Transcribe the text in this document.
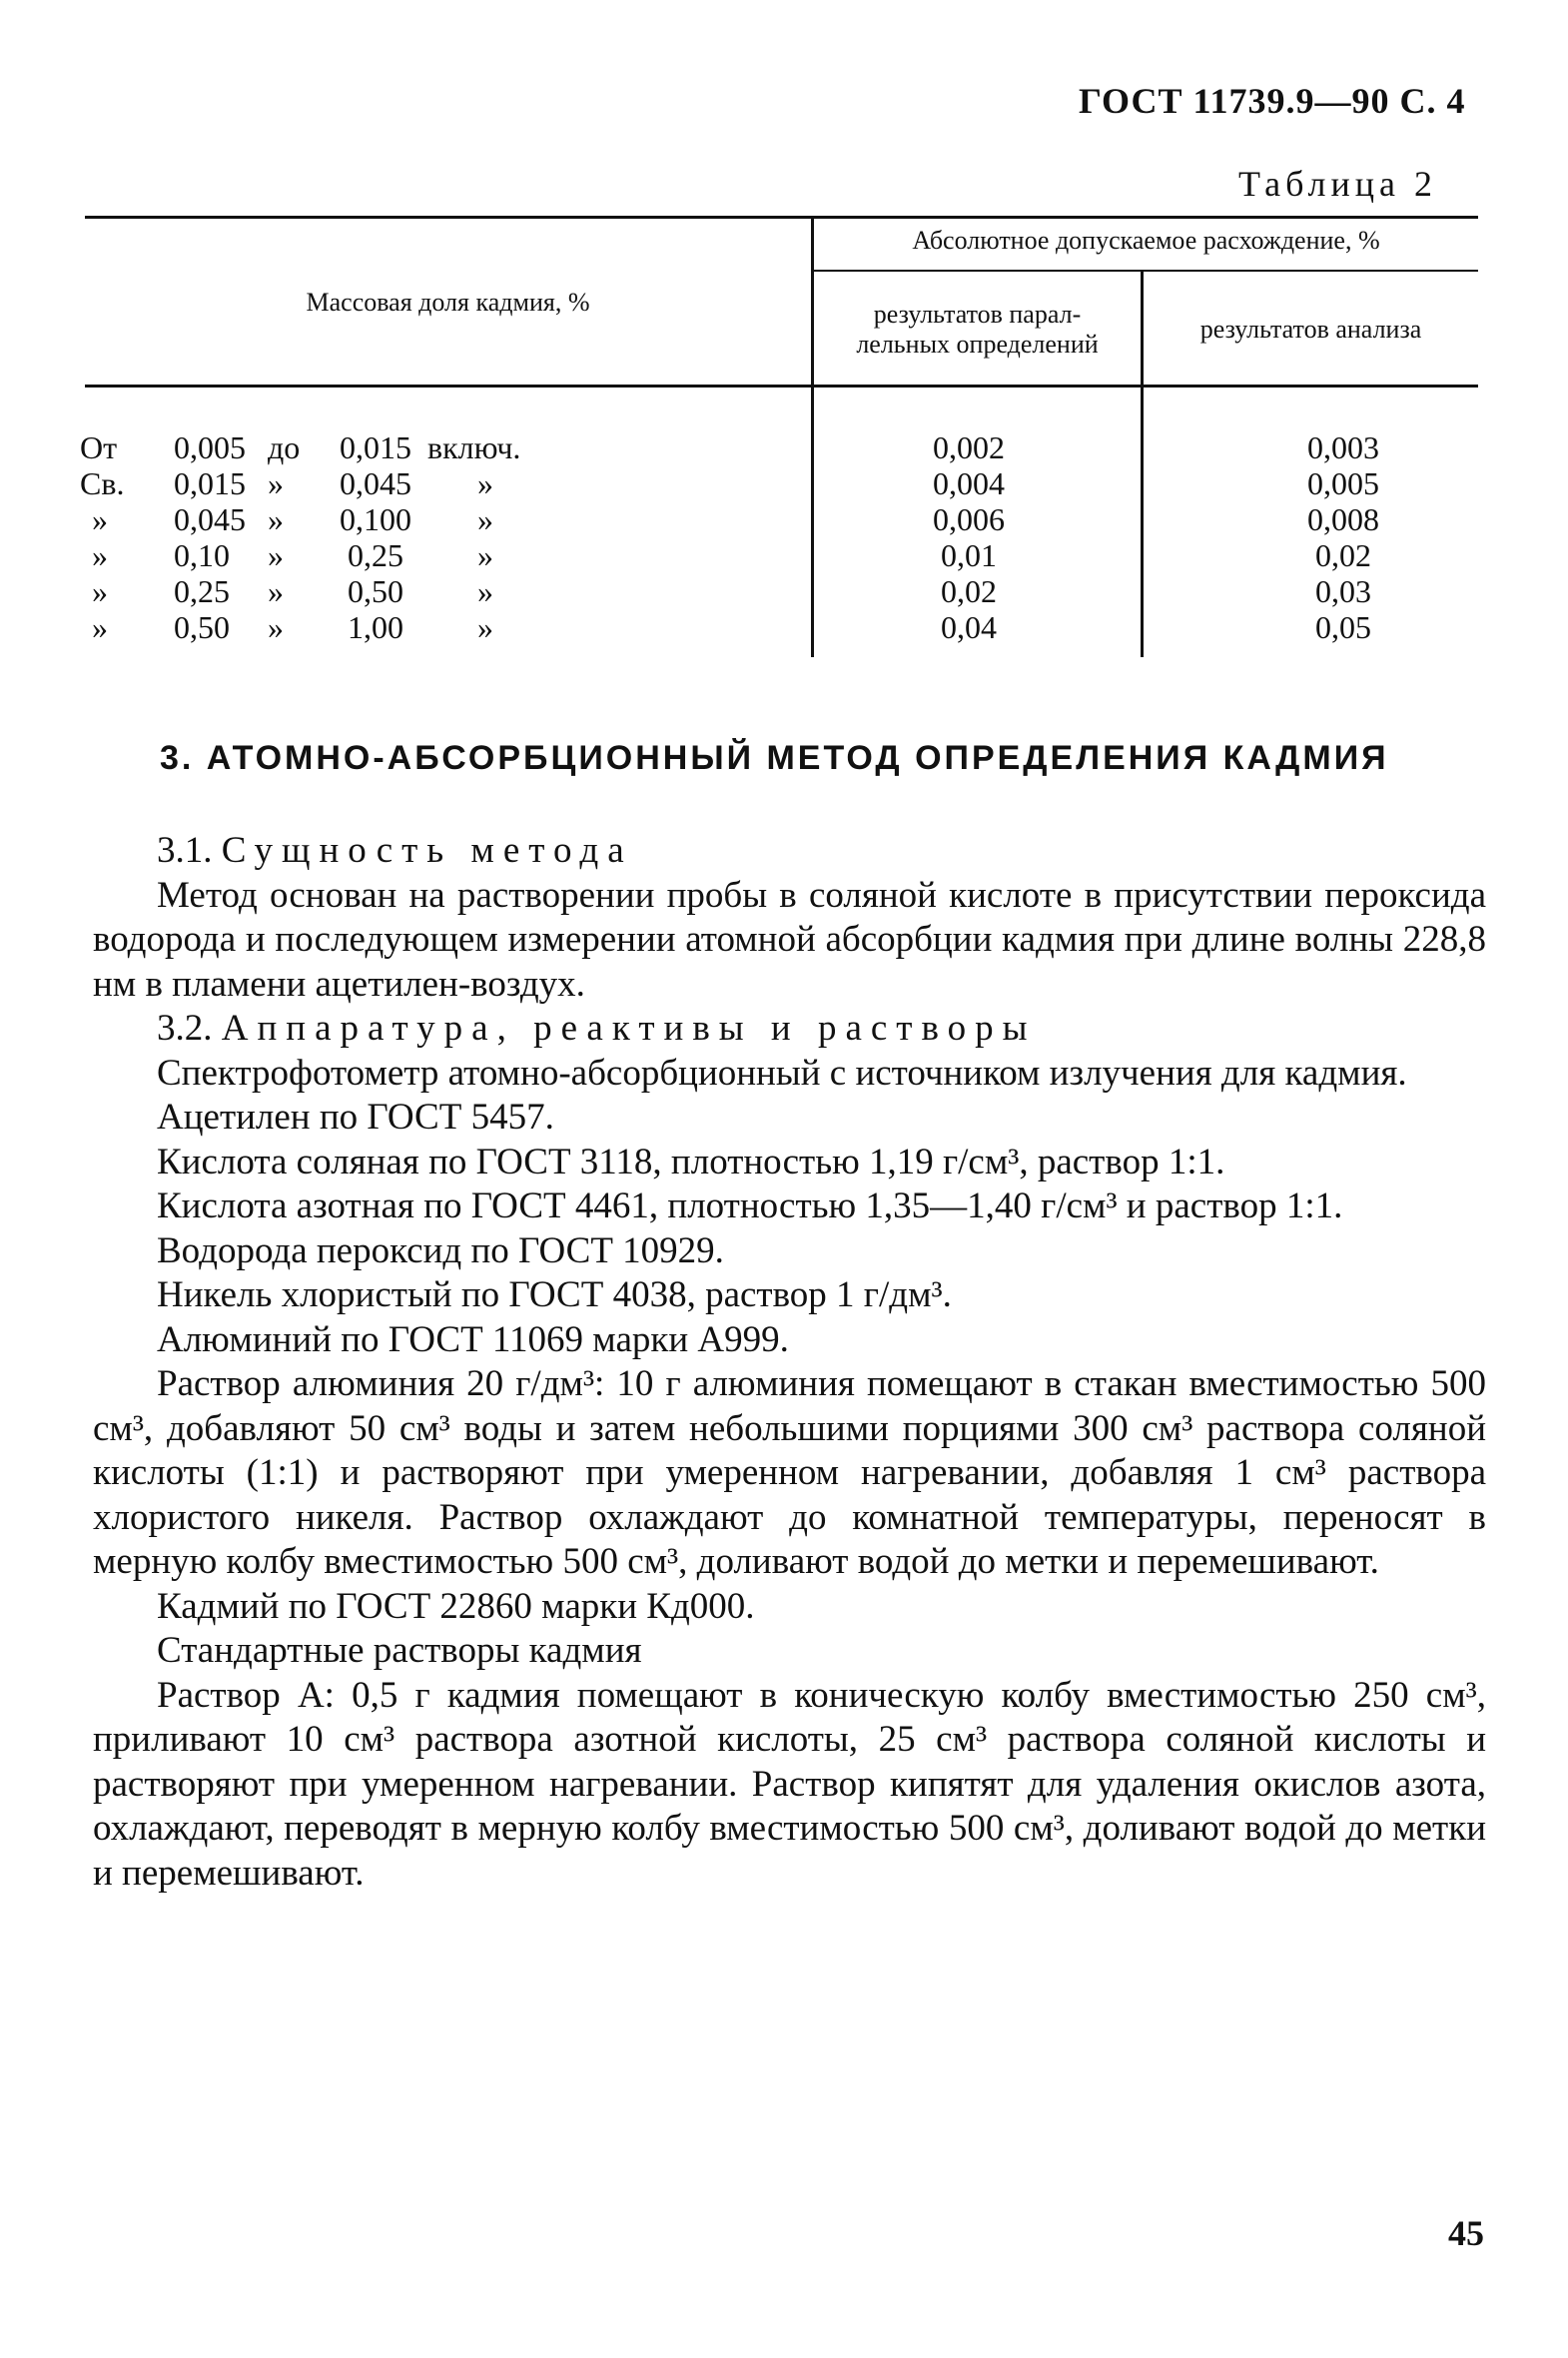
ГОСТ 11739.9—90 С. 4
Таблица 2
Массовая доля кадмия, %
Абсолютное допускаемое расхождение, %
результатов парал-
лельных определений
результатов анализа
От	0,005 до	0,015 включ.	0,002	0,003
Св.	0,015 »	0,045	»	0,004	0,005
»	0,045 »	0,100	»	0,006	0,008
»	0,10	»	0,25	»	0,01	0,02
»	0,25	»	0,50	»	0,02	0,03
»	0,50	»	1,00	»	0,04	0,05
3. АТОМНО-АБСОРБЦИОННЫЙ МЕТОД ОПРЕДЕЛЕНИЯ КАДМИЯ

3.1. Сущность метода

Метод основан на растворении пробы в соляной кислоте в присутствии пероксида водорода и последующем измерении атомной абсорбции кадмия при длине волны 228,8 нм в пламени ацетилен-воздух.

3.2. Аппаратура, реактивы и растворы

Спектрофотометр атомно-абсорбционный с источником излучения для кадмия.

Ацетилен по ГОСТ 5457.

Кислота соляная по ГОСТ 3118, плотностью 1,19 г/см³, раствор 1:1.

Кислота азотная по ГОСТ 4461, плотностью 1,35—1,40 г/см³ и раствор 1:1.

Водорода пероксид по ГОСТ 10929.

Никель хлористый по ГОСТ 4038, раствор 1 г/дм³.

Алюминий по ГОСТ 11069 марки А999.

Раствор алюминия 20 г/дм³: 10 г алюминия помещают в стакан вместимостью 500 см³, добавляют 50 см³ воды и затем небольшими порциями 300 см³ раствора соляной кислоты (1:1) и растворяют при умеренном нагревании, добавляя 1 см³ раствора хлористого никеля. Раствор охлаждают до комнатной температуры, переносят в мерную колбу вместимостью 500 см³, доливают водой до метки и перемешивают.

Кадмий по ГОСТ 22860 марки Кд000.

Стандартные растворы кадмия

Раствор А: 0,5 г кадмия помещают в коническую колбу вместимостью 250 см³, приливают 10 см³ раствора азотной кислоты, 25 см³ раствора соляной кислоты и растворяют при умеренном нагревании. Раствор кипятят для удаления окислов азота, охлаждают, переводят в мерную колбу вместимостью 500 см³, доливают водой до метки и перемешивают.

45
